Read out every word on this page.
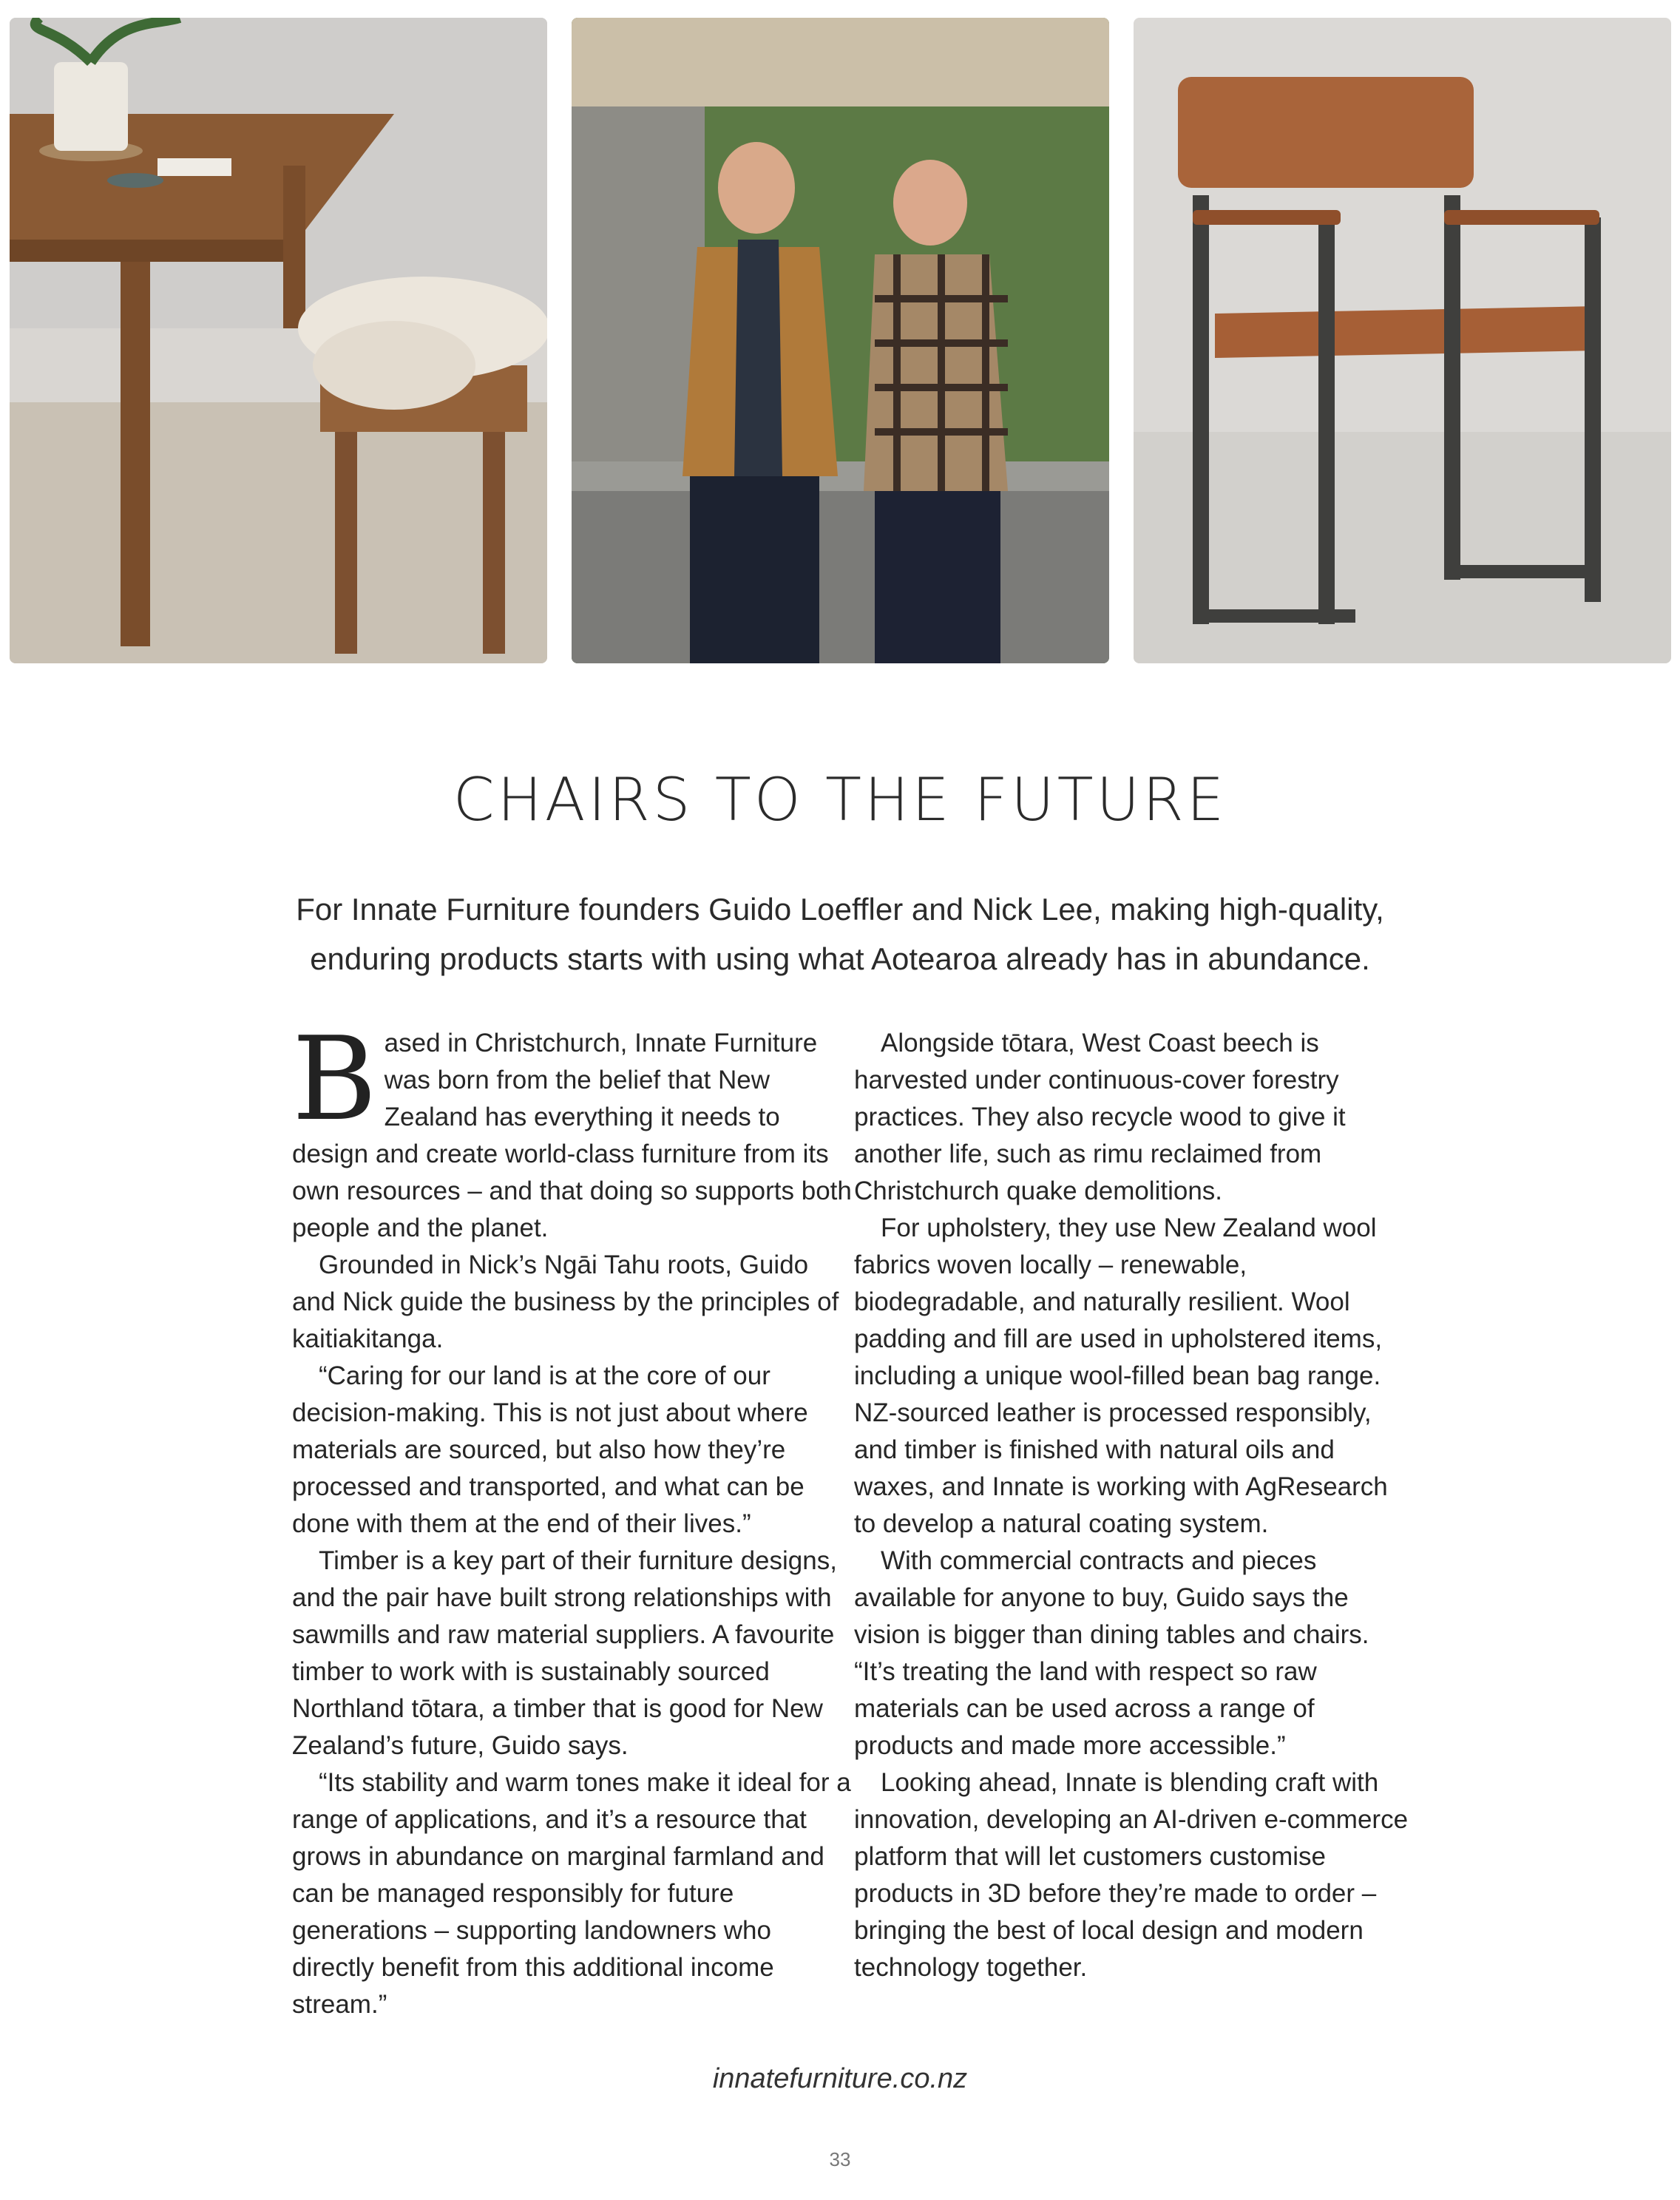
CHAIRS TO THE FUTURE

For Innate Furniture founders Guido Loeffler and Nick Lee, making high-quality, enduring products starts with using what Aotearoa already has in abundance.

Based in Christchurch, Innate Furniture was born from the belief that New Zealand has everything it needs to design and create world-class furniture from its own resources – and that doing so supports both people and the planet.

Grounded in Nick’s Ngāi Tahu roots, Guido and Nick guide the business by the principles of kaitiakitanga.

“Caring for our land is at the core of our decision-making. This is not just about where materials are sourced, but also how they’re processed and transported, and what can be done with them at the end of their lives.”

Timber is a key part of their furniture designs, and the pair have built strong relationships with sawmills and raw material suppliers. A favourite timber to work with is sustainably sourced Northland tōtara, a timber that is good for New Zealand’s future, Guido says.

“Its stability and warm tones make it ideal for a range of applications, and it’s a resource that grows in abundance on marginal farmland and can be managed responsibly for future generations – supporting landowners who directly benefit from this additional income stream.”

Alongside tōtara, West Coast beech is harvested under continuous-cover forestry practices. They also recycle wood to give it another life, such as rimu reclaimed from Christchurch quake demolitions.

For upholstery, they use New Zealand wool fabrics woven locally – renewable, biodegradable, and naturally resilient. Wool padding and fill are used in upholstered items, including a unique wool-filled bean bag range. NZ-sourced leather is processed responsibly, and timber is finished with natural oils and waxes, and Innate is working with AgResearch to develop a natural coating system.

With commercial contracts and pieces available for anyone to buy, Guido says the vision is bigger than dining tables and chairs. “It’s treating the land with respect so raw materials can be used across a range of products and made more accessible.”

Looking ahead, Innate is blending craft with innovation, developing an AI-driven e-commerce platform that will let customers customise products in 3D before they’re made to order – bringing the best of local design and modern technology together.

innatefurniture.co.nz
33
